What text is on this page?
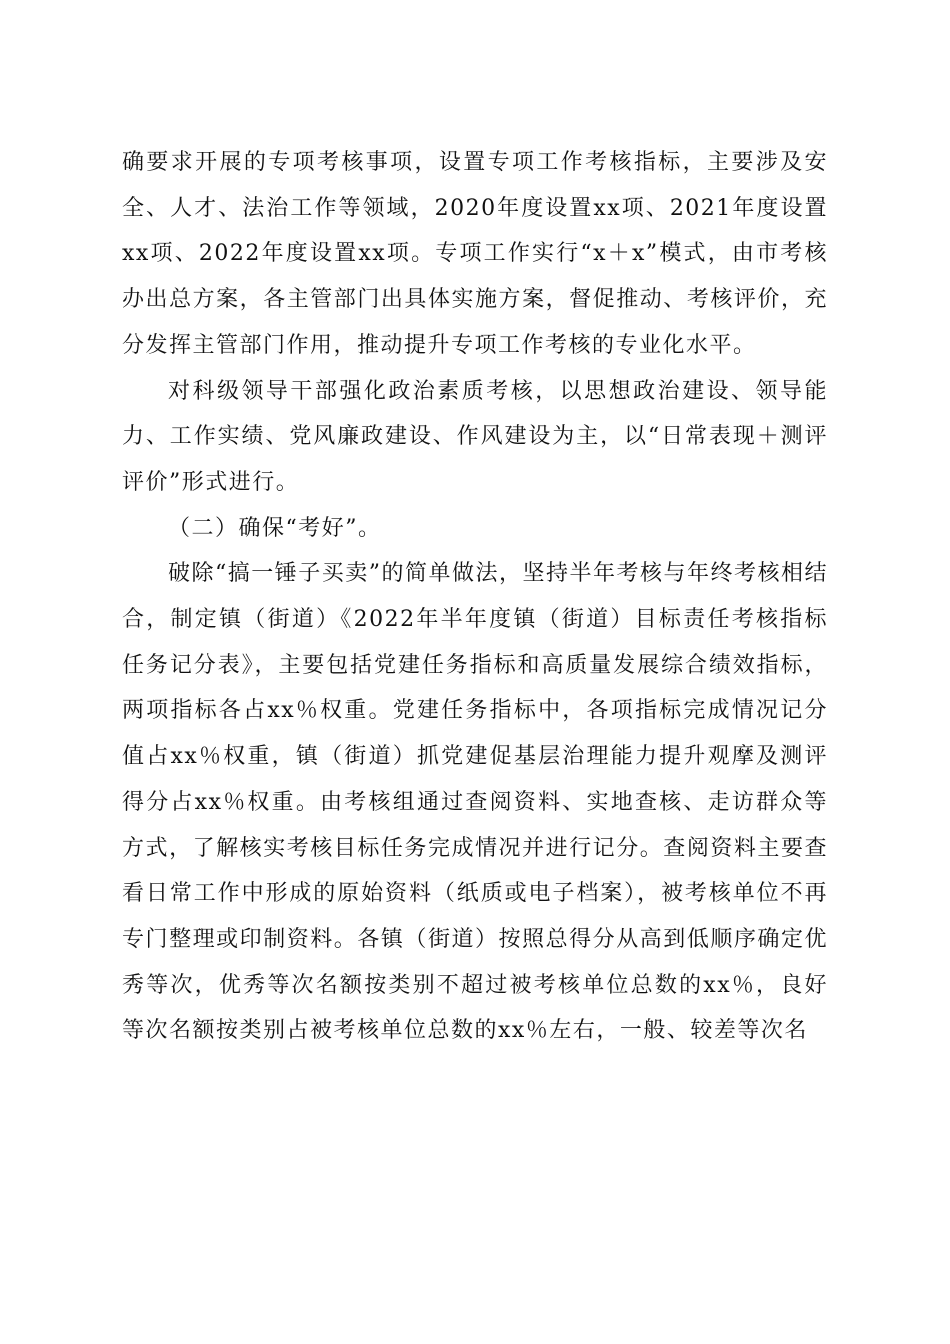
确要求开展的专项考核事项，设置专项工作考核指标，主要涉及安全、人才、法治工作等领域，2020年度设置xx项、2021年度设置xx项、2022年度设置xx项。专项工作实行“x＋x”模式，由市考核办出总方案，各主管部门出具体实施方案，督促推动、考核评价，充分发挥主管部门作用，推动提升专项工作考核的专业化水平。

对科级领导干部强化政治素质考核，以思想政治建设、领导能力、工作实绩、党风廉政建设、作风建设为主，以“日常表现＋测评评价”形式进行。

（二）确保“考好”。

破除“搞一锤子买卖”的简单做法，坚持半年考核与年终考核相结合，制定镇（街道）《2022年半年度镇（街道）目标责任考核指标任务记分表》，主要包括党建任务指标和高质量发展综合绩效指标，两项指标各占xx％权重。党建任务指标中，各项指标完成情况记分值占xx％权重，镇（街道）抓党建促基层治理能力提升观摩及测评得分占xx％权重。由考核组通过查阅资料、实地查核、走访群众等方式，了解核实考核目标任务完成情况并进行记分。查阅资料主要查看日常工作中形成的原始资料（纸质或电子档案），被考核单位不再专门整理或印制资料。各镇（街道）按照总得分从高到低顺序确定优秀等次，优秀等次名额按类别不超过被考核单位总数的xx％，良好等次名额按类别占被考核单位总数的xx％左右，一般、较差等次名
